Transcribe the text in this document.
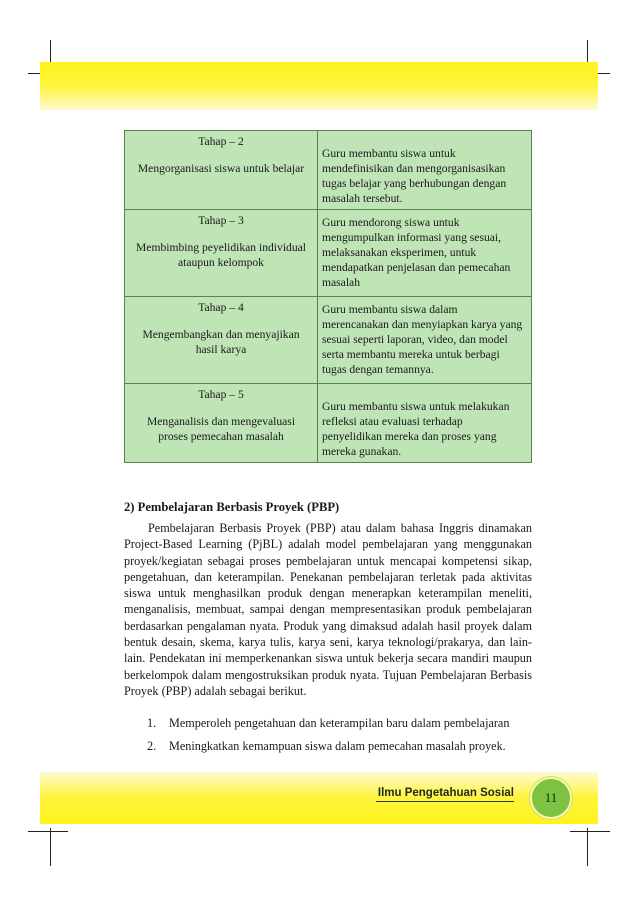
Tahap – 2
Mengorganisasi siswa untuk belajar	Guru membantu siswa untuk mendefinisikan dan mengorganisasikan tugas belajar yang berhubungan dengan masalah tersebut.

Tahap – 3
Membimbing peyelidikan individual ataupun kelompok	Guru mendorong siswa untuk mengumpulkan informasi yang sesuai, melaksanakan eksperimen, untuk mendapatkan penjelasan dan pemecahan masalah

Tahap – 4
Mengembangkan dan menyajikan hasil karya	Guru membantu siswa dalam merencanakan dan menyiapkan karya yang sesuai seperti laporan, video, dan model serta membantu mereka untuk berbagi tugas dengan temannya.

Tahap – 5
Menganalisis dan mengevaluasi proses pemecahan masalah	Guru membantu siswa untuk melakukan refleksi atau evaluasi terhadap penyelidikan mereka dan proses yang mereka gunakan.
2) Pembelajaran Berbasis Proyek (PBP)
Pembelajaran Berbasis Proyek (PBP) atau dalam bahasa Inggris dinamakan Project-Based Learning (PjBL) adalah model pembelajaran yang menggunakan proyek/kegiatan sebagai proses pembelajaran untuk mencapai kompetensi sikap, pengetahuan, dan keterampilan. Penekanan pembelajaran terletak pada aktivitas siswa untuk menghasilkan produk dengan menerapkan keterampilan meneliti, menganalisis, membuat, sampai dengan mempresentasikan produk pembelajaran berdasarkan pengalaman nyata. Produk yang dimaksud adalah hasil proyek dalam bentuk desain, skema, karya tulis, karya seni, karya teknologi/prakarya, dan lain-lain. Pendekatan ini memperkenankan siswa untuk bekerja secara mandiri maupun berkelompok dalam mengostruksikan produk nyata. Tujuan Pembelajaran Berbasis Proyek (PBP) adalah sebagai berikut.
1.	Memperoleh pengetahuan dan keterampilan baru dalam pembelajaran
2.	Meningkatkan kemampuan siswa dalam pemecahan masalah proyek.
Ilmu Pengetahuan Sosial	11
